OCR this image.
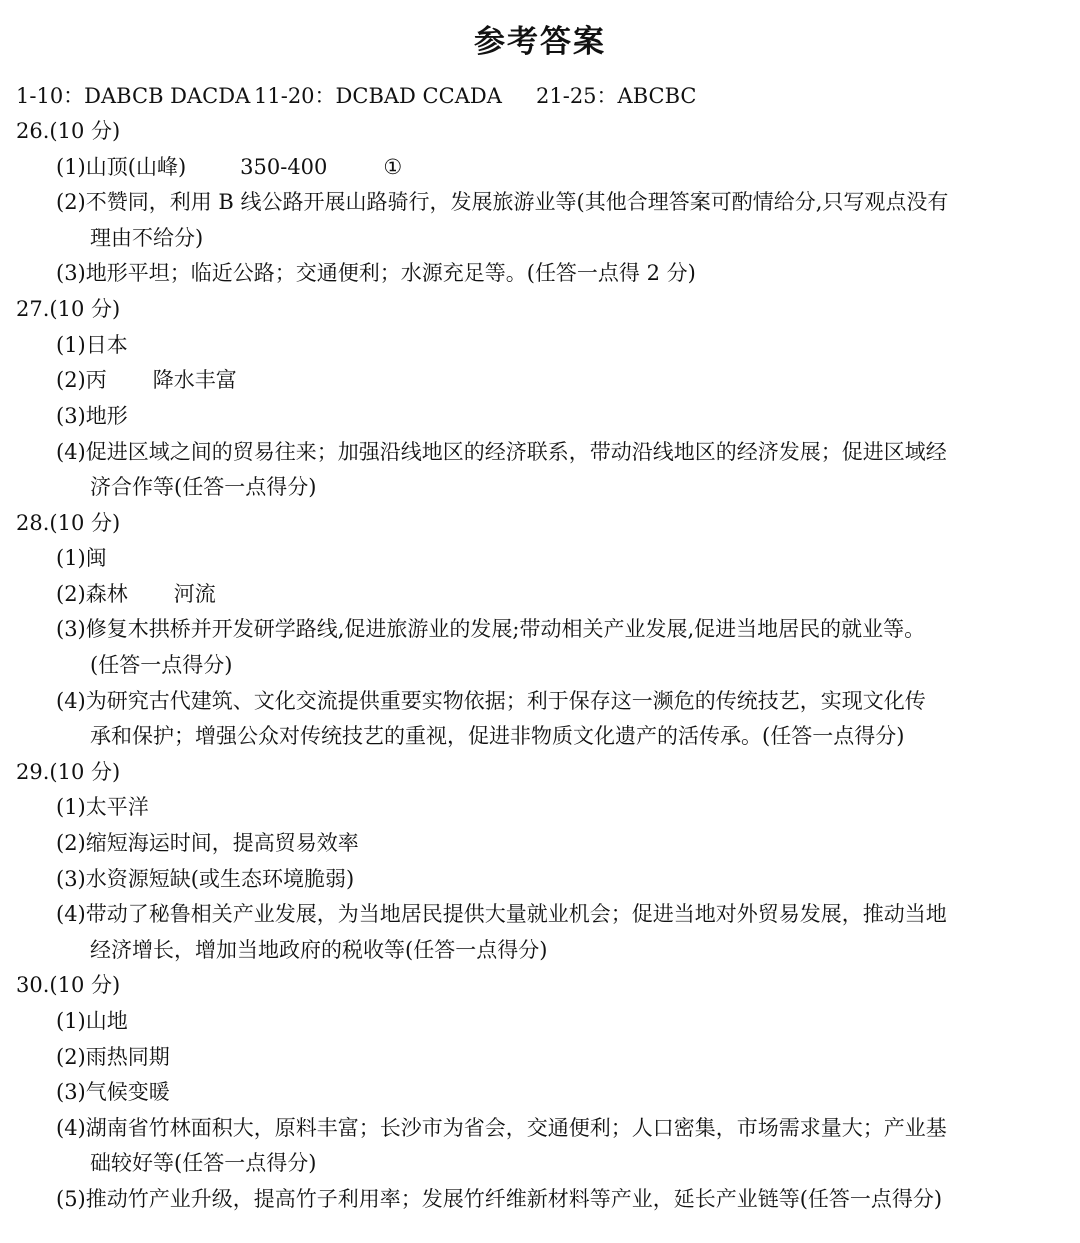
参考答案
1-10：DABCB DACDA 11-20：DCBAD CCADA 21-25：ABCBC
26.(10 分)
(1)山顶(山峰)	350-400	①
(2)不赞同，利用 B 线公路开展山路骑行，发展旅游业等(其他合理答案可酌情给分,只写观点没有
理由不给分)
(3)地形平坦；临近公路；交通便利；水源充足等。(任答一点得 2 分)
27.(10 分)
(1)日本
(2)丙 降水丰富
(3)地形
(4)促进区域之间的贸易往来；加强沿线地区的经济联系，带动沿线地区的经济发展；促进区域经
济合作等(任答一点得分)
28.(10 分)
(1)闽
(2)森林 河流
(3)修复木拱桥并开发研学路线,促进旅游业的发展;带动相关产业发展,促进当地居民的就业等。
(任答一点得分)
(4)为研究古代建筑、文化交流提供重要实物依据；利于保存这一濒危的传统技艺，实现文化传
承和保护；增强公众对传统技艺的重视，促进非物质文化遗产的活传承。(任答一点得分)
29.(10 分)
(1)太平洋
(2)缩短海运时间，提高贸易效率
(3)水资源短缺(或生态环境脆弱)
(4)带动了秘鲁相关产业发展，为当地居民提供大量就业机会；促进当地对外贸易发展，推动当地
经济增长，增加当地政府的税收等(任答一点得分)
30.(10 分)
(1)山地
(2)雨热同期
(3)气候变暖
(4)湖南省竹林面积大，原料丰富；长沙市为省会，交通便利；人口密集，市场需求量大；产业基
础较好等(任答一点得分)
(5)推动竹产业升级，提高竹子利用率；发展竹纤维新材料等产业，延长产业链等(任答一点得分)
